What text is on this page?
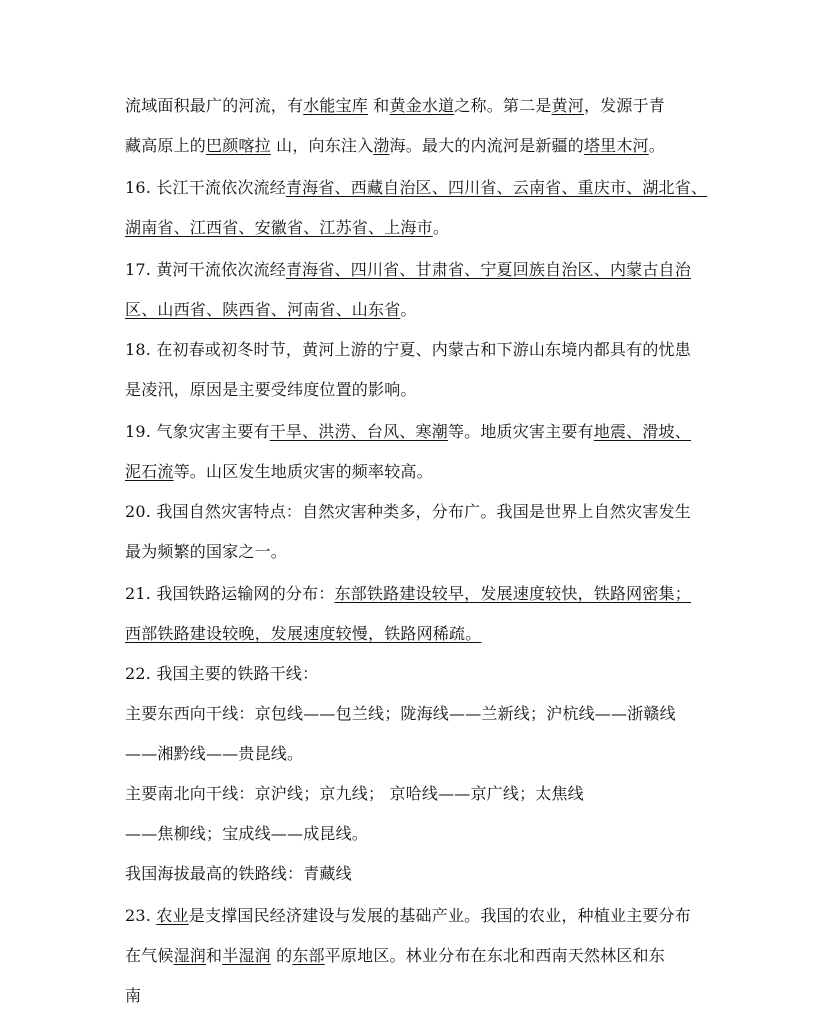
流域面积最广的河流，有水能宝库 和黄金水道之称。第二是黄河，发源于青
藏高原上的巴颜喀拉 山，向东注入渤海。最大的内流河是新疆的塔里木河。
16. 长江干流依次流经青海省、西藏自治区、四川省、云南省、重庆市、湖北省、
湖南省、江西省、安徽省、江苏省、上海市。
17. 黄河干流依次流经青海省、四川省、甘肃省、宁夏回族自治区、内蒙古自治
区、山西省、陕西省、河南省、山东省。
18. 在初春或初冬时节，黄河上游的宁夏、内蒙古和下游山东境内都具有的忧患
是凌汛，原因是主要受纬度位置的影响。
19. 气象灾害主要有干旱、洪涝、台风、寒潮等。地质灾害主要有地震、滑坡、
泥石流等。山区发生地质灾害的频率较高。
20. 我国自然灾害特点：自然灾害种类多，分布广。我国是世界上自然灾害发生
最为频繁的国家之一。
21. 我国铁路运输网的分布：东部铁路建设较早，发展速度较快，铁路网密集；
西部铁路建设较晚，发展速度较慢，铁路网稀疏。
22. 我国主要的铁路干线：
主要东西向干线：京包线——包兰线；陇海线——兰新线；沪杭线——浙赣线
——湘黔线——贵昆线。
主要南北向干线：京沪线；京九线； 京哈线——京广线；太焦线
——焦柳线；宝成线——成昆线。
我国海拔最高的铁路线：青藏线
23. 农业是支撑国民经济建设与发展的基础产业。我国的农业，种植业主要分布
在气候湿润和半湿润 的东部平原地区。林业分布在东北和西南天然林区和东
南
